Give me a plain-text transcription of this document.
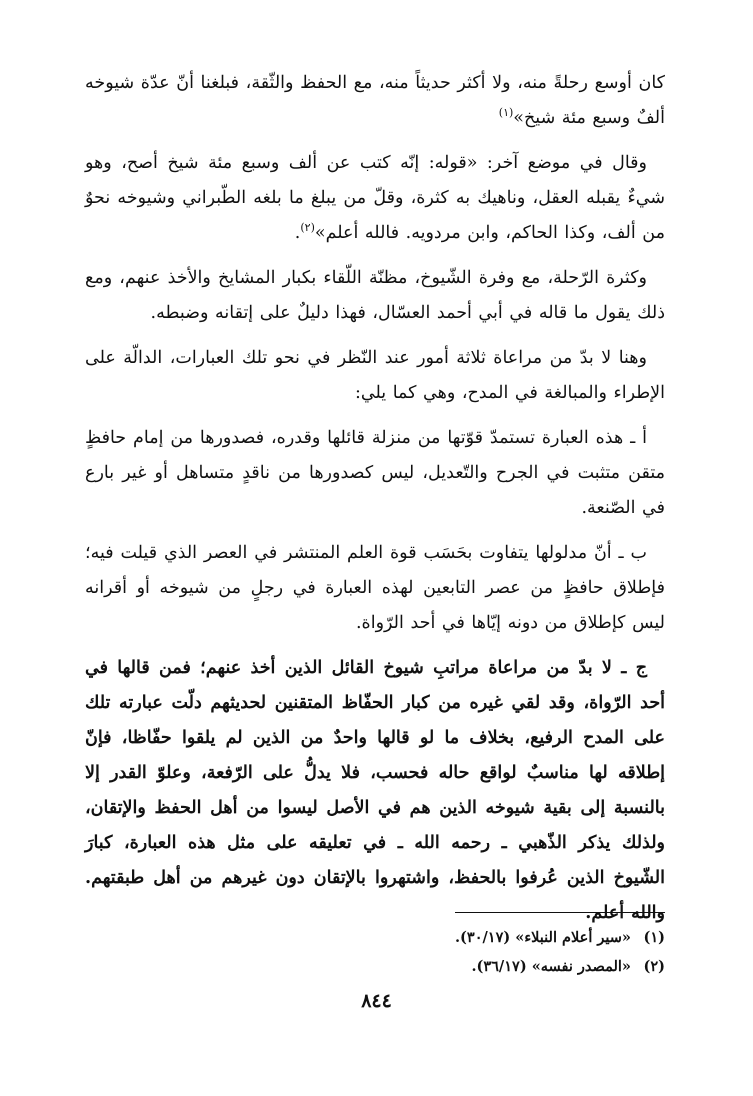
كان أوسع رحلةً منه، ولا أكثر حديثاً منه، مع الحفظ والثّقة، فبلغنا أنّ عدّة شيوخه ألفٌ وسبع مئة شيخ»$^{(١)}$

وقال في موضع آخر: «قوله: إنّه كتب عن ألف وسبع مئة شيخ أصح، وهو شيءٌ يقبله العقل، وناهيك به كثرة، وقلّ من يبلغ ما بلغه الطّبراني وشيوخه نحوٌ من ألف، وكذا الحاكم، وابن مردويه. فالله أعلم»$^{(٢)}$.

وكثرة الرّحلة، مع وفرة الشّيوخ، مظنّة اللّقاء بكبار المشايخ والأخذ عنهم، ومع ذلك يقول ما قاله في أبي أحمد العسّال، فهذا دليلٌ على إتقانه وضبطه.

وهنا لا بدّ من مراعاة ثلاثة أمور عند النّظر في نحو تلك العبارات، الدالّة على الإطراء والمبالغة في المدح، وهي كما يلي:

أ ـ هذه العبارة تستمدّ قوّتها من منزلة قائلها وقدره، فصدورها من إمام حافظٍ متقن متثبت في الجرح والتّعديل، ليس كصدورها من ناقدٍ متساهل أو غير بارع في الصّنعة.

ب ـ أنّ مدلولها يتفاوت بحَسَب قوة العلم المنتشر في العصر الذي قيلت فيه؛ فإطلاق حافظٍ من عصر التابعين لهذه العبارة في رجلٍ من شيوخه أو أقرانه ليس كإطلاق من دونه إيّاها في أحد الرّواة.

ج ـ لا بدّ من مراعاة مراتبِ شيوخ القائل الذين أخذ عنهم؛ فمن قالها في أحد الرّواة، وقد لقي غيره من كبار الحفّاظ المتقنين لحديثهم دلّت عبارته تلك على المدح الرفيع، بخلاف ما لو قالها واحدٌ من الذين لم يلقوا حفّاظا، فإنّ إطلاقه لها مناسبٌ لواقع حاله فحسب، فلا يدلُّ على الرّفعة، وعلوّ القدر إلا بالنسبة إلى بقية شيوخه الذين هم في الأصل ليسوا من أهل الحفظ والإتقان، ولذلك يذكر الذّهبي ـ رحمه الله ـ في تعليقه على مثل هذه العبارة، كبارَ الشّيوخ الذين عُرفوا بالحفظ، واشتهروا بالإتقان دون غيرهم من أهل طبقتهم. والله أعلم.

(١)«سير أعلام النبلاء» (٣٠/١٧).

(٢)«المصدر نفسه» (٣٦/١٧).

٨٤٤
